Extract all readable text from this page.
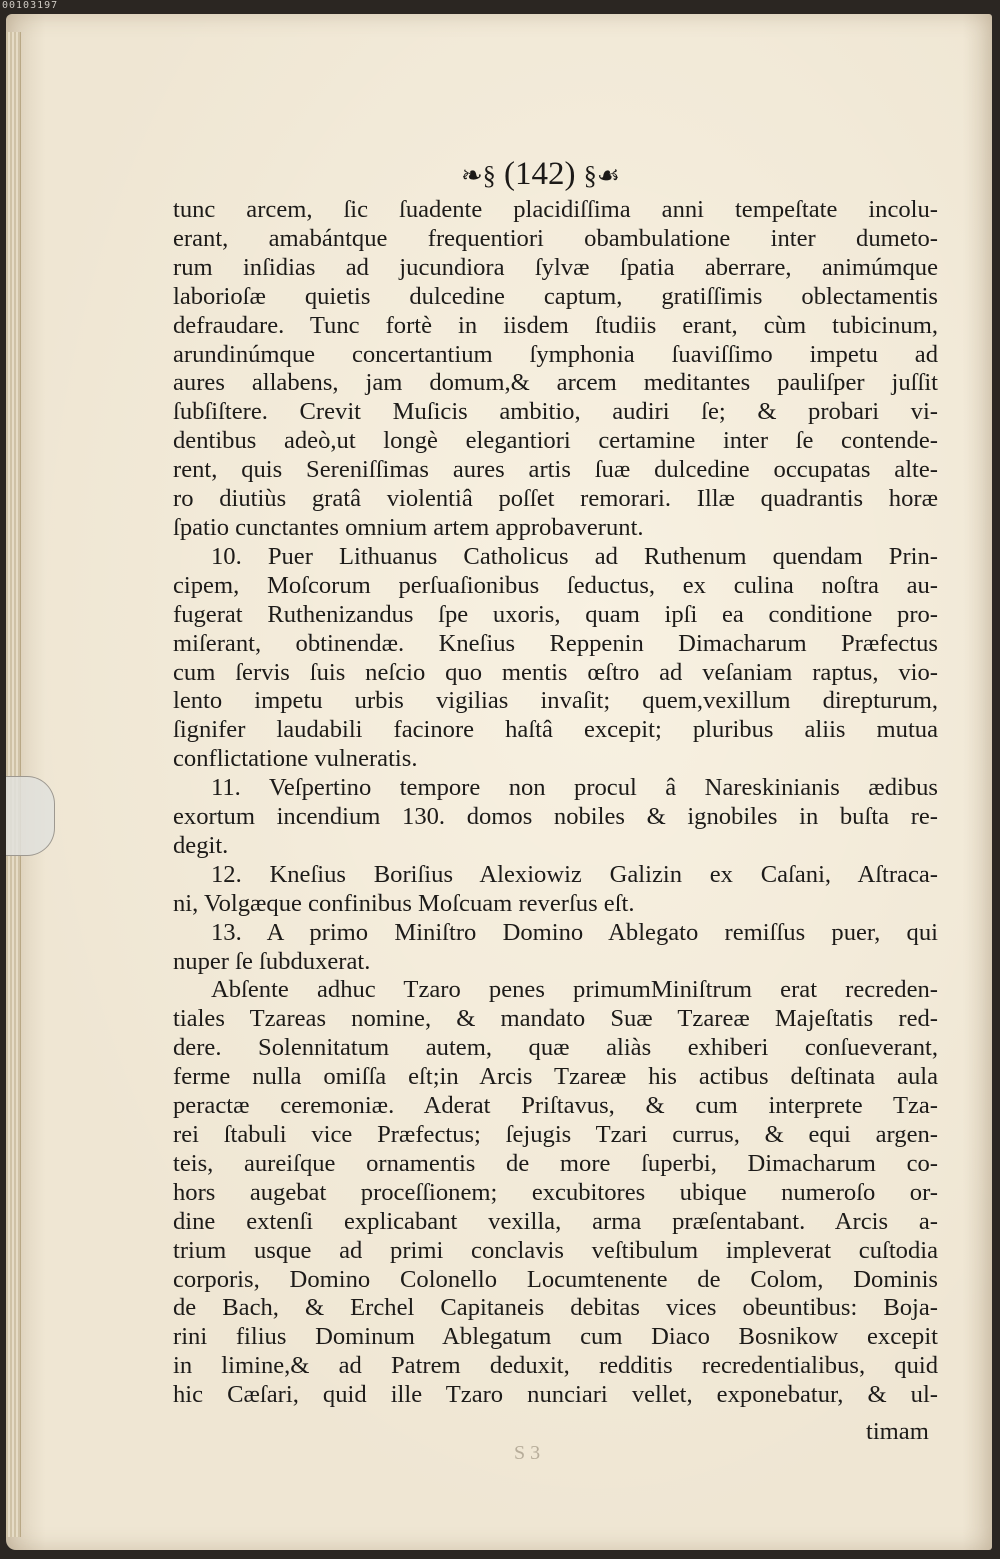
00103197
❧§ (142) §☙
tunc arcem, ſic ſuadente placidiſſima anni tempeſtate incolu-
erant, amabántque frequentiori obambulatione inter dumeto-
rum inſidias ad jucundiora ſylvæ ſpatia aberrare, animúmque
laborioſæ quietis dulcedine captum, gratiſſimis oblectamentis
defraudare. Tunc fortè in iisdem ſtudiis erant, cùm tubicinum,
arundinúmque concertantium ſymphonia ſuaviſſimo impetu ad
aures allabens, jam domum,& arcem meditantes pauliſper juſſit
ſubſiſtere. Crevit Muſicis ambitio, audiri ſe; & probari vi-
dentibus adeò,ut longè elegantiori certamine inter ſe contende-
rent, quis Sereniſſimas aures artis ſuæ dulcedine occupatas alte-
ro diutiùs gratâ violentiâ poſſet remorari. Illæ quadrantis horæ
ſpatio cunctantes omnium artem approbaverunt.
10. Puer Lithuanus Catholicus ad Ruthenum quendam Prin-
cipem, Moſcorum perſuaſionibus ſeductus, ex culina noſtra au-
fugerat Ruthenizandus ſpe uxoris, quam ipſi ea conditione pro-
miſerant, obtinendæ. Kneſius Reppenin Dimacharum Præfectus
cum ſervis ſuis neſcio quo mentis œſtro ad veſaniam raptus, vio-
lento impetu urbis vigilias invaſit; quem,vexillum direpturum,
ſignifer laudabili facinore haſtâ excepit; pluribus aliis mutua
conflictatione vulneratis.
11. Veſpertino tempore non procul â Nareskinianis ædibus
exortum incendium 130. domos nobiles & ignobiles in buſta re-
degit.
12. Kneſius Boriſius Alexiowiz Galizin ex Caſani, Aſtraca-
ni, Volgæque confinibus Moſcuam reverſus eſt.
13. A primo Miniſtro Domino Ablegato remiſſus puer, qui
nuper ſe ſubduxerat.
Abſente adhuc Tzaro penes primumMiniſtrum erat recreden-
tiales Tzareas nomine, & mandato Suæ Tzareæ Majeſtatis red-
dere. Solennitatum autem, quæ aliàs exhiberi conſueverant,
ferme nulla omiſſa eſt;in Arcis Tzareæ his actibus deſtinata aula
peractæ ceremoniæ. Aderat Priſtavus, & cum interprete Tza-
rei ſtabuli vice Præfectus; ſejugis Tzari currus, & equi argen-
teis, aureiſque ornamentis de more ſuperbi, Dimacharum co-
hors augebat proceſſionem; excubitores ubique numeroſo or-
dine extenſi explicabant vexilla, arma præſentabant. Arcis a-
trium usque ad primi conclavis veſtibulum impleverat cuſtodia
corporis, Domino Colonello Locumtenente de Colom, Dominis
de Bach, & Erchel Capitaneis debitas vices obeuntibus: Boja-
rini filius Dominum Ablegatum cum Diaco Bosnikow excepit
in limine,& ad Patrem deduxit, redditis recredentialibus, quid
hic Cæſari, quid ille Tzaro nunciari vellet, exponebatur, & ul-
S 3
timam
